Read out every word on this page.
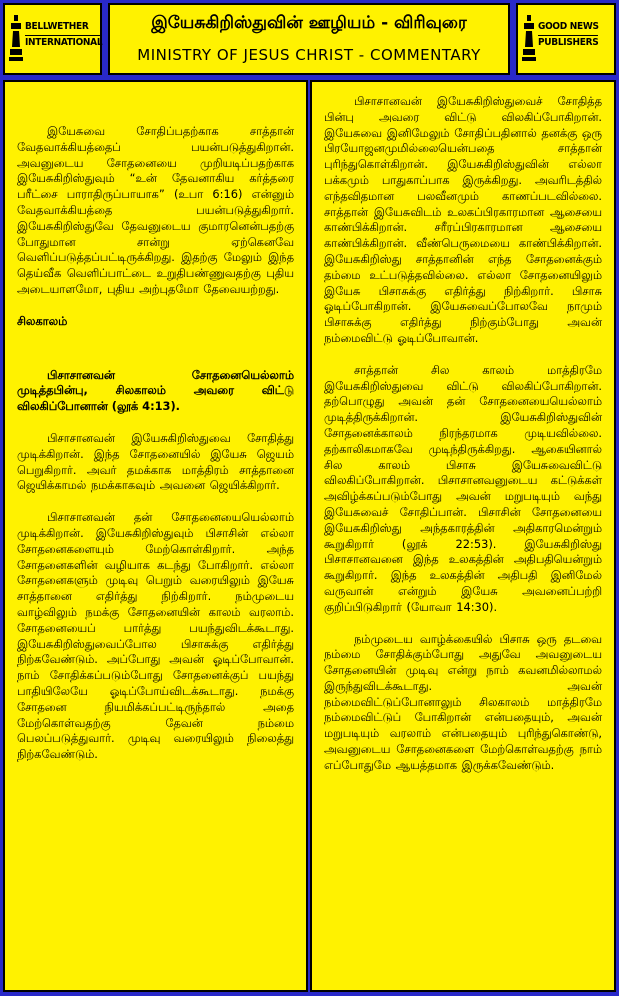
BELLWETHER
INTERNATIONAL
இயேசுகிறிஸ்துவின் ஊழியம் - விரிவுரை
MINISTRY OF JESUS CHRIST - COMMENTARY
GOOD NEWS
PUBLISHERS

இயேசுவை சோதிப்பதற்காக சாத்தான் வேதவாக்கியத்தைப் பயன்படுத்துகிறான். அவனுடைய சோதனையை முறியடிப்பதற்காக இயேசுகிறிஸ்துவும் “உன் தேவனாகிய கர்த்தரை பரீட்சை பாராதிருப்பாயாக” (உபா 6:16) என்னும் வேதவாக்கியத்தை பயன்படுத்துகிறார். இயேசுகிறிஸ்துவே தேவனுடைய குமாரனென்பதற்கு போதுமான சான்று ஏற்கெனவே வெளிப்படுத்தப்பட்டிருக்கிறது. இதற்கு மேலும் இந்த தெய்வீக வெளிப்பாட்டை உறுதிபண்ணுவதற்கு புதிய அடையாளமோ, புதிய அற்புதமோ தேவையற்றது.

சிலகாலம்

பிசாசானவன் சோதனையெல்லாம் முடித்தபின்பு, சிலகாலம் அவரை விட்டு விலகிப்போனான் (லூக் 4:13).

பிசாசானவன் இயேசுகிறிஸ்துவை சோதித்து முடிக்கிறான். இந்த சோதனையில் இயேசு ஜெயம் பெறுகிறார். அவர் தமக்காக மாத்திரம் சாத்தானை ஜெயிக்காமல் நமக்காகவும் அவனை ஜெயிக்கிறார்.

பிசாசானவன் தன் சோதனையையெல்லாம் முடிக்கிறான். இயேசுகிறிஸ்துவும் பிசாசின் எல்லா சோதனைகளையும் மேற்கொள்கிறார். அந்த சோதனைகளின் வழியாக கடந்து போகிறார். எல்லா சோதனைகளும் முடிவு பெறும் வரையிலும் இயேசு சாத்தானை எதிர்த்து நிற்கிறார். நம்முடைய வாழ்விலும் நமக்கு சோதனையின் காலம் வரலாம். சோதனையைப் பார்த்து பயந்துவிடக்கூடாது. இயேசுகிறிஸ்துவைப்போல பிசாசுக்கு எதிர்த்து நிற்கவேண்டும். அப்போது அவன் ஓடிப்போவான். நாம் சோதிக்கப்படும்போது சோதனைக்குப் பயந்து பாதியிலேயே ஓடிப்போய்விடக்கூடாது. நமக்கு சோதனை நியமிக்கப்பட்டிருந்தால் அதை மேற்கொள்வதற்கு தேவன் நம்மை பெலப்படுத்துவார். முடிவு வரையிலும் நிலைத்து நிற்கவேண்டும்.

பிசாசானவன் இயேசுகிறிஸ்துவைச் சோதித்த பின்பு அவரை விட்டு விலகிப்போகிறான். இயேசுவை இனிமேலும் சோதிப்பதினால் தனக்கு ஒரு பிரயோஜனமுமில்லையென்பதை சாத்தான் புரிந்துகொள்கிறான். இயேசுகிறிஸ்துவின் எல்லா பக்கமும் பாதுகாப்பாக இருக்கிறது. அவரிடத்தில் எந்தவிதமான பலவீனமும் காணப்படவில்லை. சாத்தான் இயேசுவிடம் உலகப்பிரகாரமான ஆசையை காண்பிக்கிறான். சரீரப்பிரகாரமான ஆசையை காண்பிக்கிறான். வீண்பெருமையை காண்பிக்கிறான். இயேசுகிறிஸ்து சாத்தானின் எந்த சோதனைக்கும் தம்மை உட்படுத்தவில்லை. எல்லா சோதனையிலும் இயேசு பிசாசுக்கு எதிர்த்து நிற்கிறார். பிசாசு ஓடிப்போகிறான். இயேசுவைப்போலவே நாமும் பிசாசுக்கு எதிர்த்து நிற்கும்போது அவன் நம்மைவிட்டு ஓடிப்போவான்.

சாத்தான் சில காலம் மாத்திரமே இயேசுகிறிஸ்துவை விட்டு விலகிப்போகிறான். தற்பொழுது அவன் தன் சோதனையையெல்லாம் முடித்திருக்கிறான். இயேசுகிறிஸ்துவின் சோதனைக்காலம் நிரந்தரமாக முடியவில்லை. தற்காலிகமாகவே முடிந்திருக்கிறது. ஆகையினால் சில காலம் பிசாசு இயேசுவைவிட்டு விலகிப்போகிறான். பிசாசானவனுடைய கட்டுக்கள் அவிழ்க்கப்படும்போது அவன் மறுபடியும் வந்து இயேசுவைச் சோதிப்பான். பிசாசின் சோதனையை இயேசுகிறிஸ்து அந்தகாரத்தின் அதிகாரமென்றும் கூறுகிறார் (லூக் 22:53). இயேசுகிறிஸ்து பிசாசானவனை இந்த உலகத்தின் அதிபதியென்றும் கூறுகிறார். இந்த உலகத்தின் அதிபதி இனிமேல் வருவான் என்றும் இயேசு அவனைப்பற்றி குறிப்பிடுகிறார் (யோவா 14:30).

நம்முடைய வாழ்க்கையில் பிசாசு ஒரு தடவை நம்மை சோதிக்கும்போது அதுவே அவனுடைய சோதனையின் முடிவு என்று நாம் கவனமில்லாமல் இருந்துவிடக்கூடாது. அவன் நம்மைவிட்டுப்போனாலும் சிலகாலம் மாத்திரமே நம்மைவிட்டுப் போகிறான் என்பதையும், அவன் மறுபடியும் வரலாம் என்பதையும் புரிந்துகொண்டு, அவனுடைய சோதனைகளை மேற்கொள்வதற்கு நாம் எப்போதுமே ஆயத்தமாக இருக்கவேண்டும்.
